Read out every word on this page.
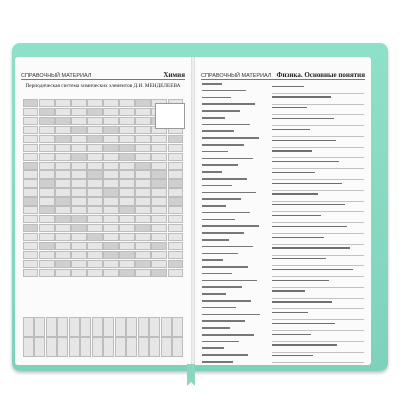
СПРАВОЧНЫЙ МАТЕРИАЛ	Химия
Периодическая система химических элементов Д.И. МЕНДЕЛЕЕВА
СПРАВОЧНЫЙ МАТЕРИАЛ Физика. Основные понятия
